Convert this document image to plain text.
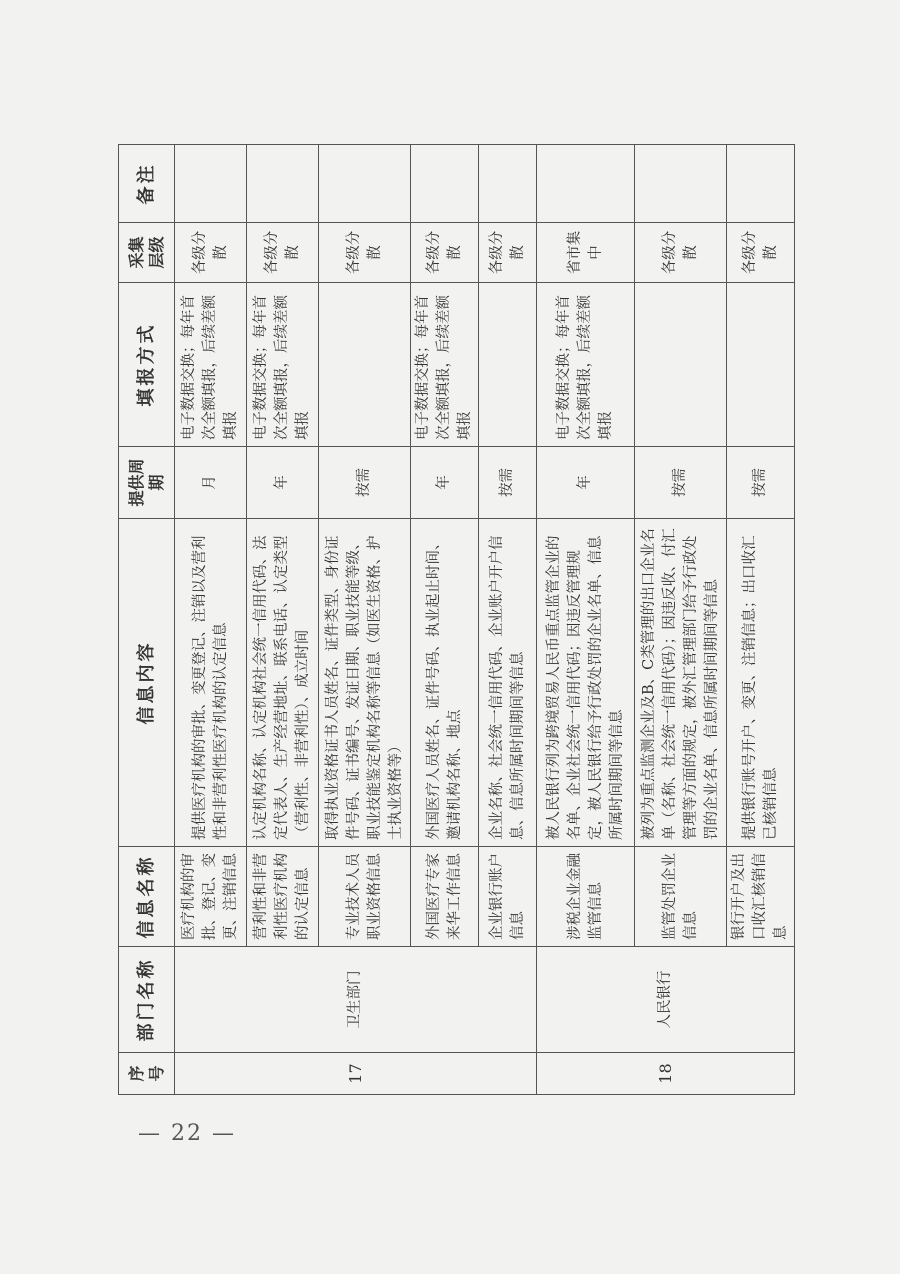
— 22 —
序号	部门名称	信息名称	信息内容	提供周期	填报方式	采集层级	备注
17	卫生部门	医疗机构的审批、登记、变更、注销信息	提供医疗机构的审批、变更登记、注销以及营利性和非营利性医疗机构的认定信息	月	电子数据交换；每年首次全额填报，后续差额填报	各级分散	
		营利性和非营利性医疗机构的认定信息	认定机构名称、认定机构社会统一信用代码、法定代表人、生产经营地址、联系电话、认定类型（营利性、非营利性）、成立时间	年	电子数据交换；每年首次全额填报，后续差额填报	各级分散	
		专业技术人员职业资格信息	取得执业资格证书人员姓名、证件类型、身份证件号码、证书编号、发证日期、职业技能等级、职业技能鉴定机构名称等信息（如医生资格、护士执业资格等）	按需		各级分散	
		外国医疗专家来华工作信息	外国医疗人员姓名、证件号码、执业起止时间、邀请机构名称、地点	年	电子数据交换；每年首次全额填报，后续差额填报	各级分散	
		企业银行账户信息	企业名称、社会统一信用代码、企业账户开户信息、信息所属时间期间等信息	按需		各级分散	
18	人民银行	涉税企业金融监管信息	被人民银行列为跨境贸易人民币重点监管企业的名单、企业社会统一信用代码；因违反管理规定，被人民银行给予行政处罚的企业名单、信息所属时间期间等信息	年	电子数据交换；每年首次全额填报，后续差额填报	省市集中	
		监管处罚企业信息	被列为重点监测企业及B、C类管理的出口企业名单（名称、社会统一信用代码）；因违反收、付汇管理等方面的规定，被外汇管理部门给予行政处罚的企业名单、信息所属时间期间等信息	按需		各级分散	
		银行开户及出口收汇核销信息	提供银行账号开户、变更、注销信息；出口收汇已核销信息	按需		各级分散	
